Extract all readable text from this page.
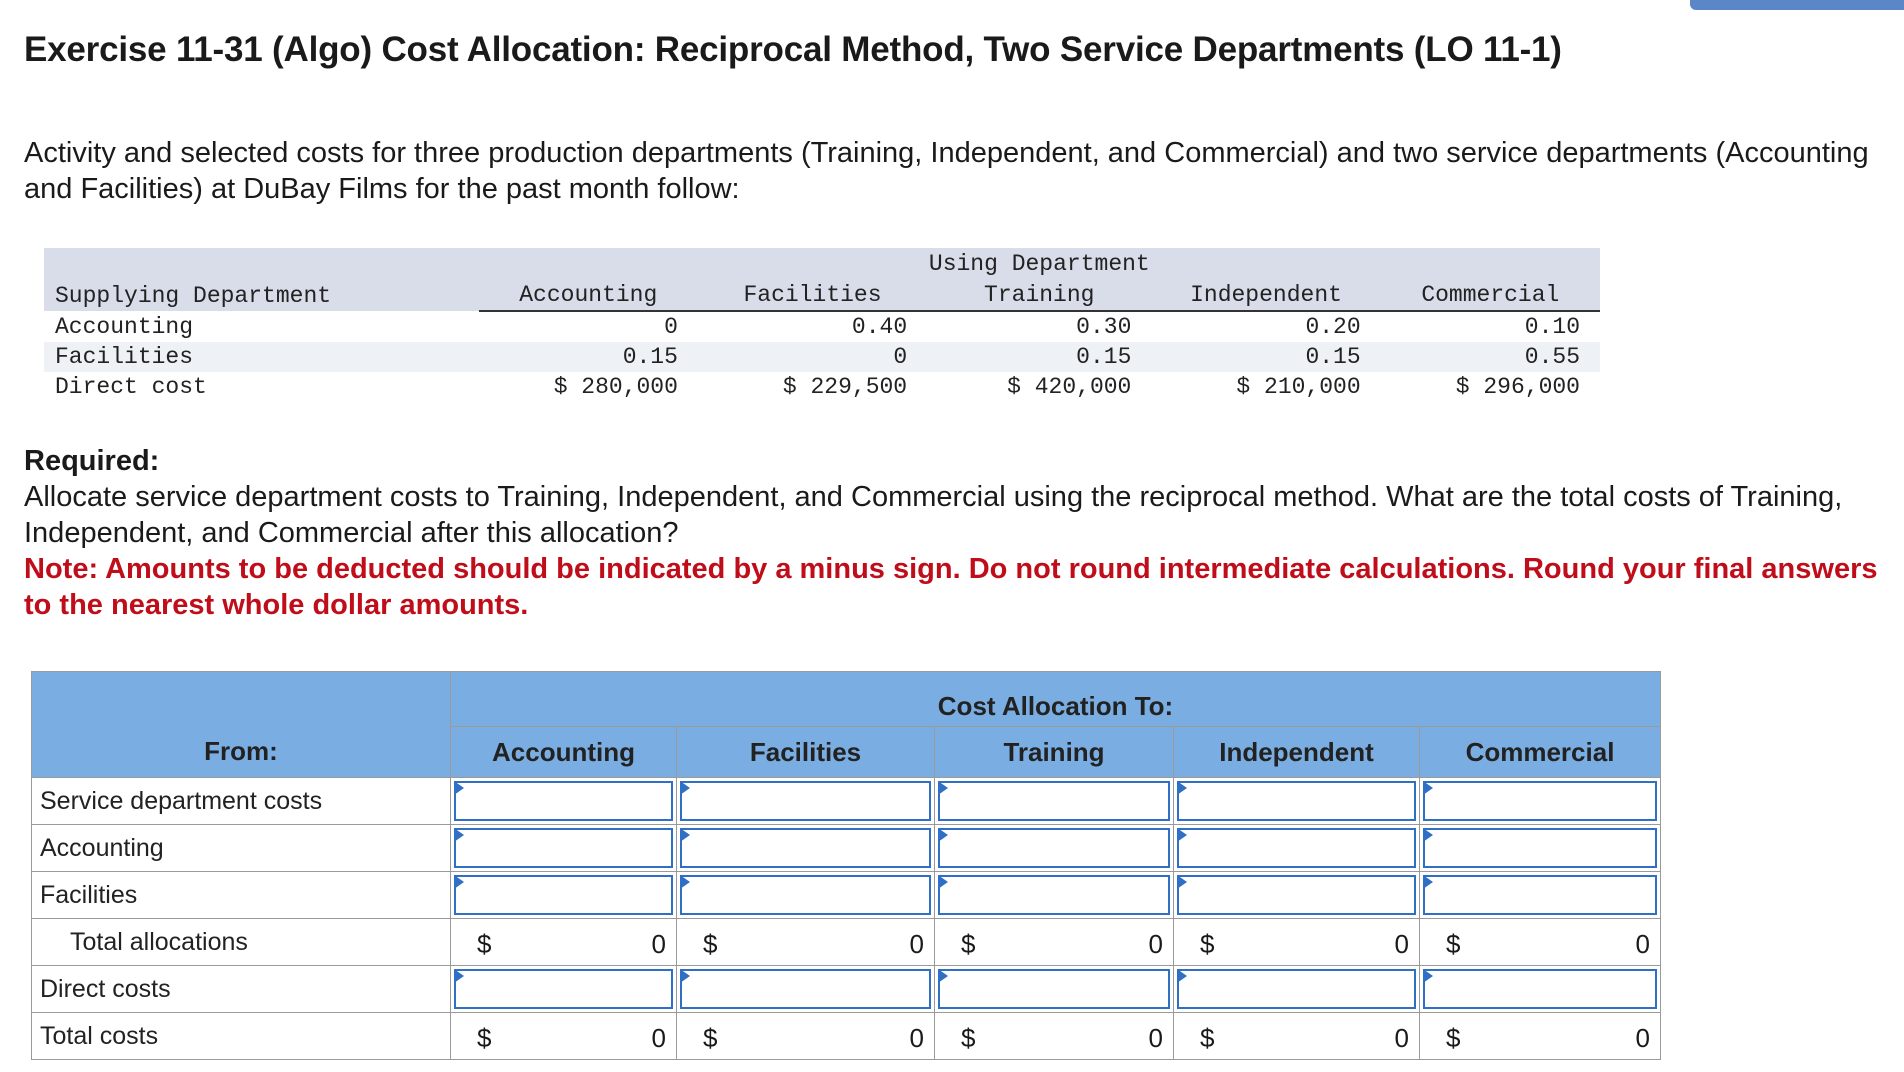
Exercise 11-31 (Algo) Cost Allocation: Reciprocal Method, Two Service Departments (LO 11-1)
Activity and selected costs for three production departments (Training, Independent, and Commercial) and two service departments (Accounting and Facilities) at DuBay Films for the past month follow:
	Using Department				
Supplying Department	Accounting	Facilities	Training	Independent	Commercial
Accounting	0	0.40	0.30	0.20	0.10
Facilities	0.15	0	0.15	0.15	0.55
Direct cost	$ 280,000	$ 229,500	$ 420,000	$ 210,000	$ 296,000
Required:
Allocate service department costs to Training, Independent, and Commercial using the reciprocal method. What are the total costs of Training, Independent, and Commercial after this allocation?
Note: Amounts to be deducted should be indicated by a minus sign. Do not round intermediate calculations. Round your final answers to the nearest whole dollar amounts.
	Cost Allocation To:				
From:	Accounting	Facilities	Training	Independent	Commercial
Service department costs	

Accounting	

Facilities	

Total allocations	$ 0	$ 0	$ 0	$ 0	$ 0

Direct costs	

Total costs	$ 0	$ 0	$ 0	$ 0	$ 0
